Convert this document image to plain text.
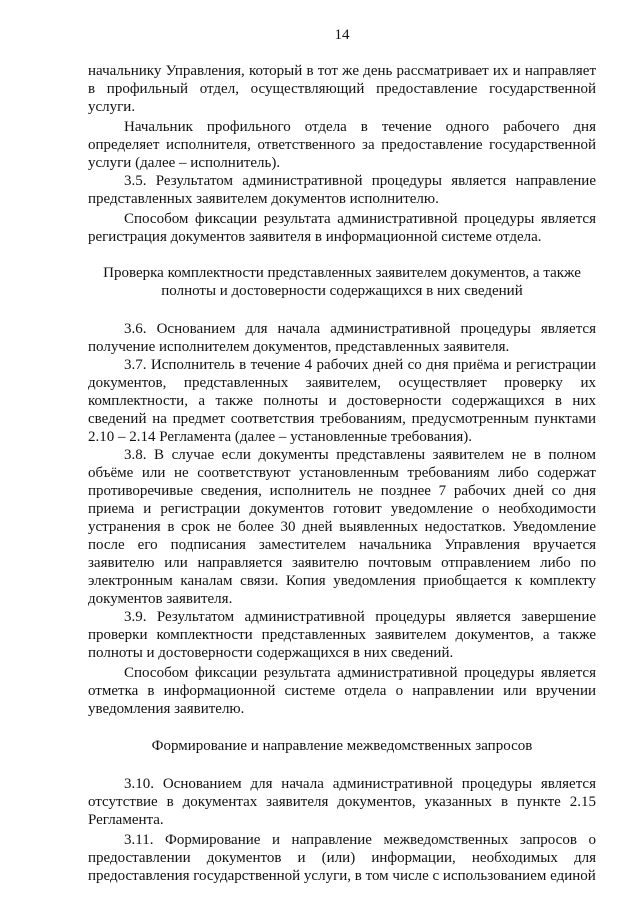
14

начальнику Управления, который в тот же день рассматривает их и направляет в профильный отдел, осуществляющий предоставление государственной услуги.

Начальник профильного отдела в течение одного рабочего дня определяет исполнителя, ответственного за предоставление государственной услуги (далее – исполнитель).

3.5. Результатом административной процедуры является направление представленных заявителем документов исполнителю.

Способом фиксации результата административной процедуры является регистрация документов заявителя в информационной системе отдела.

Проверка комплектности представленных заявителем документов, а также полноты и достоверности содержащихся в них сведений

3.6. Основанием для начала административной процедуры является получение исполнителем документов, представленных заявителя.

3.7. Исполнитель в течение 4 рабочих дней со дня приёма и регистрации документов, представленных заявителем, осуществляет проверку их комплектности, а также полноты и достоверности содержащихся в них сведений на предмет соответствия требованиям, предусмотренным пунктами 2.10 – 2.14 Регламента (далее – установленные требования).

3.8. В случае если документы представлены заявителем не в полном объёме или не соответствуют установленным требованиям либо содержат противоречивые сведения, исполнитель не позднее 7 рабочих дней со дня приема и регистрации документов готовит уведомление о необходимости устранения в срок не более 30 дней выявленных недостатков. Уведомление после его подписания заместителем начальника Управления вручается заявителю или направляется заявителю почтовым отправлением либо по электронным каналам связи. Копия уведомления приобщается к комплекту документов заявителя.

3.9. Результатом административной процедуры является завершение проверки комплектности представленных заявителем документов, а также полноты и достоверности содержащихся в них сведений.

Способом фиксации результата административной процедуры является отметка в информационной системе отдела о направлении или вручении уведомления заявителю.

Формирование и направление межведомственных запросов

3.10. Основанием для начала административной процедуры является отсутствие в документах заявителя документов, указанных в пункте 2.15 Регламента.

3.11. Формирование и направление межведомственных запросов о предоставлении документов и (или) информации, необходимых для предоставления государственной услуги, в том числе с использованием единой
